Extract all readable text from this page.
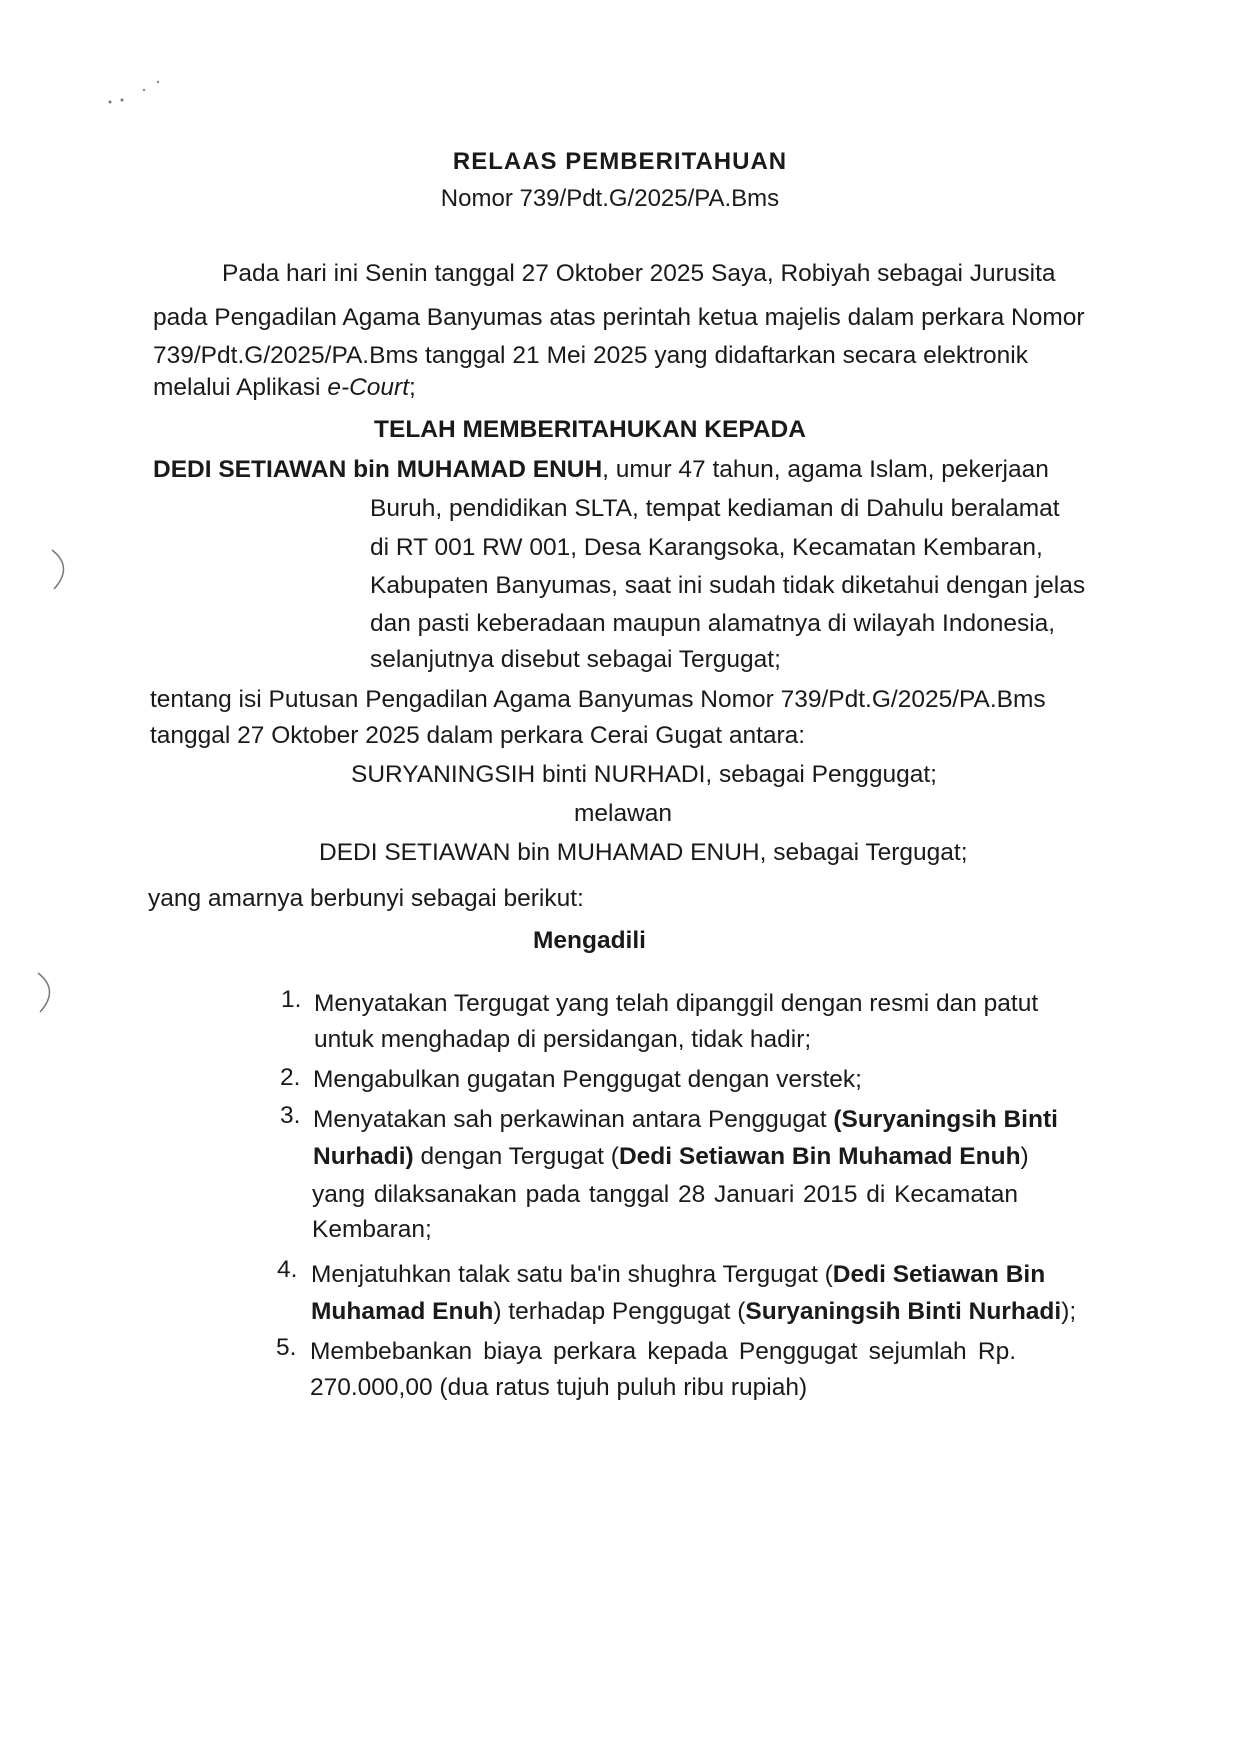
RELAAS PEMBERITAHUAN
Nomor 739/Pdt.G/2025/PA.Bms
Pada hari ini Senin tanggal 27 Oktober 2025 Saya, Robiyah sebagai Jurusita
pada Pengadilan Agama Banyumas atas perintah ketua majelis dalam perkara Nomor
739/Pdt.G/2025/PA.Bms tanggal 21 Mei 2025 yang didaftarkan secara elektronik
melalui Aplikasi e-Court;
TELAH MEMBERITAHUKAN KEPADA
DEDI SETIAWAN bin MUHAMAD ENUH, umur 47 tahun, agama Islam, pekerjaan
Buruh, pendidikan SLTA, tempat kediaman di Dahulu beralamat
di RT 001 RW 001, Desa Karangsoka, Kecamatan Kembaran,
Kabupaten Banyumas, saat ini sudah tidak diketahui dengan jelas
dan pasti keberadaan maupun alamatnya di wilayah Indonesia,
selanjutnya disebut sebagai Tergugat;
tentang isi Putusan Pengadilan Agama Banyumas Nomor 739/Pdt.G/2025/PA.Bms
tanggal 27 Oktober 2025 dalam perkara Cerai Gugat antara:
SURYANINGSIH binti NURHADI, sebagai Penggugat;
melawan
DEDI SETIAWAN bin MUHAMAD ENUH, sebagai Tergugat;
yang amarnya berbunyi sebagai berikut:
Mengadili
1. Menyatakan Tergugat yang telah dipanggil dengan resmi dan patut
untuk menghadap di persidangan, tidak hadir;
2. Mengabulkan gugatan Penggugat dengan verstek;
3. Menyatakan sah perkawinan antara Penggugat (Suryaningsih Binti
Nurhadi) dengan Tergugat (Dedi Setiawan Bin Muhamad Enuh)
yang dilaksanakan pada tanggal 28 Januari 2015 di Kecamatan
Kembaran;
4. Menjatuhkan talak satu ba'in shughra Tergugat (Dedi Setiawan Bin
Muhamad Enuh) terhadap Penggugat (Suryaningsih Binti Nurhadi);
5. Membebankan biaya perkara kepada Penggugat sejumlah Rp.
270.000,00 (dua ratus tujuh puluh ribu rupiah)
